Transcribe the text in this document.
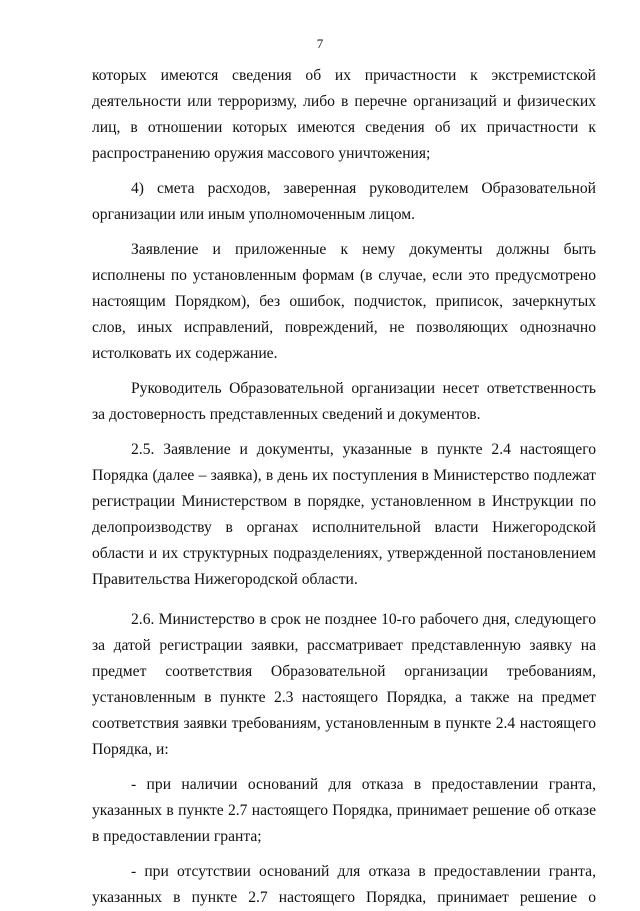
7

которых имеются сведения об их причастности к экстремистской деятельности или терроризму, либо в перечне организаций и физических лиц, в отношении которых имеются сведения об их причастности к распространению оружия массового уничтожения;

4) смета расходов, заверенная руководителем Образовательной организации или иным уполномоченным лицом.

Заявление и приложенные к нему документы должны быть исполнены по установленным формам (в случае, если это предусмотрено настоящим Порядком), без ошибок, подчисток, приписок, зачеркнутых слов, иных исправлений, повреждений, не позволяющих однозначно истолковать их содержание.

Руководитель Образовательной организации несет ответственность за достоверность представленных сведений и документов.

2.5. Заявление и документы, указанные в пункте 2.4 настоящего Порядка (далее – заявка), в день их поступления в Министерство подлежат регистрации Министерством в порядке, установленном в Инструкции по делопроизводству в органах исполнительной власти Нижегородской области и их структурных подразделениях, утвержденной постановлением Правительства Нижегородской области.

2.6. Министерство в срок не позднее 10-го рабочего дня, следующего за датой регистрации заявки, рассматривает представленную заявку на предмет соответствия Образовательной организации требованиям, установленным в пункте 2.3 настоящего Порядка, а также на предмет соответствия заявки требованиям, установленным в пункте 2.4 настоящего Порядка, и:

- при наличии оснований для отказа в предоставлении гранта, указанных в пункте 2.7 настоящего Порядка, принимает решение об отказе в предоставлении гранта;

- при отсутствии оснований для отказа в предоставлении гранта, указанных в пункте 2.7 настоящего Порядка, принимает решение о
